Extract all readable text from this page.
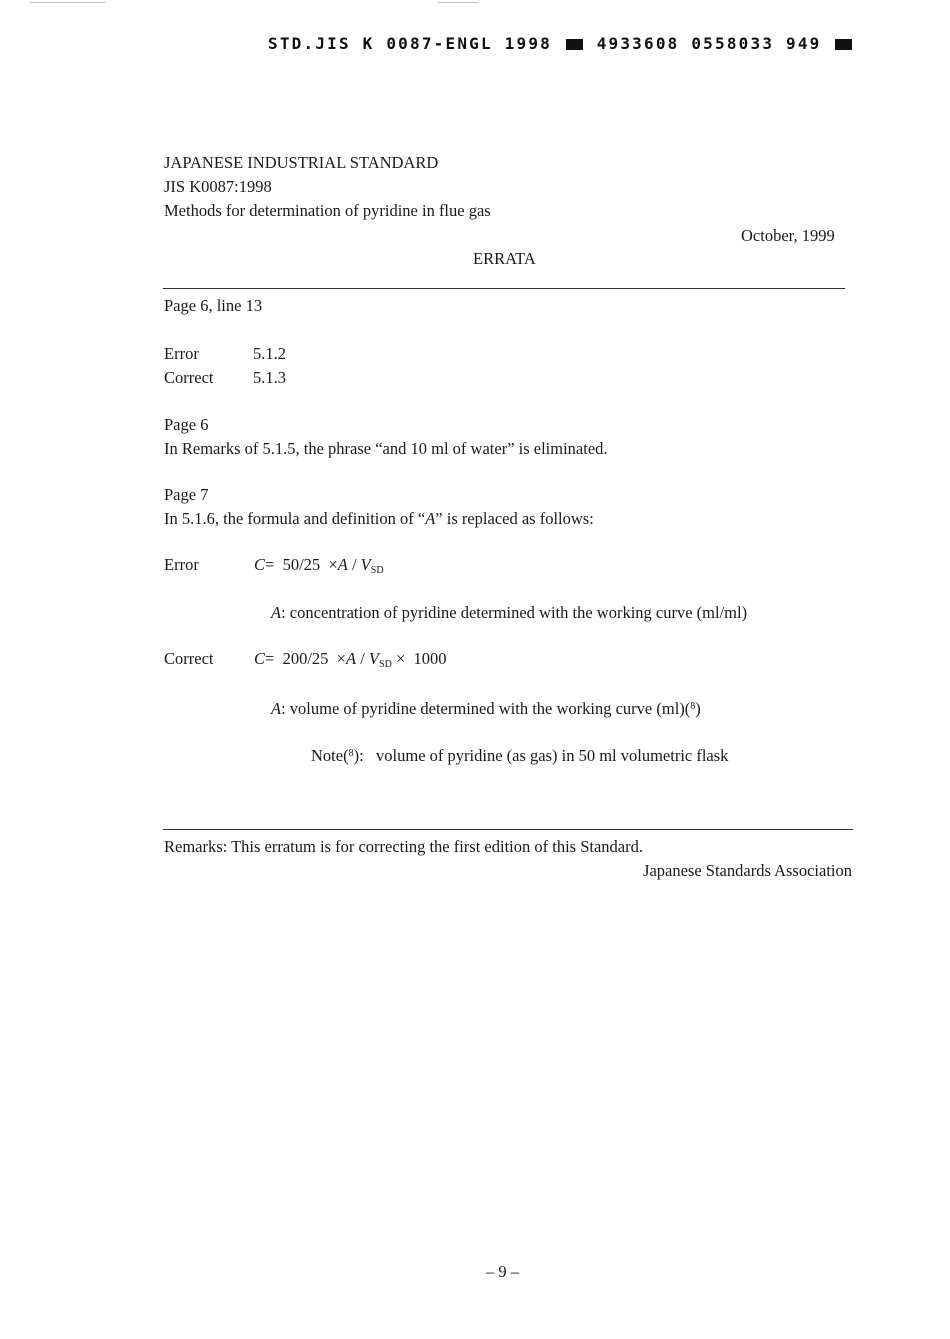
STD.JIS K 0087-ENGL 1998	4933608 0558033 949
JAPANESE INDUSTRIAL STANDARD
JIS K0087:1998
Methods for determination of pyridine in flue gas
October, 1999
ERRATA
Page 6, line 13
Error	5.1.2
Correct 5.1.3
Page 6
In Remarks of 5.1.5, the phrase “and 10 ml of water” is eliminated.
Page 7
In 5.1.6, the formula and definition of “A” is replaced as follows:
Error	$C= 50/25 \times A / V_{SD}$
A: concentration of pyridine determined with the working curve (ml/ml)
Correct $C= 200/25 \times A / V_{SD} \times 1000$
A: volume of pyridine determined with the working curve (ml)($^8$)
Note($^8$): volume of pyridine (as gas) in 50 ml volumetric flask
Remarks: This erratum is for correcting the first edition of this Standard.
Japanese Standards Association
– 9 –
